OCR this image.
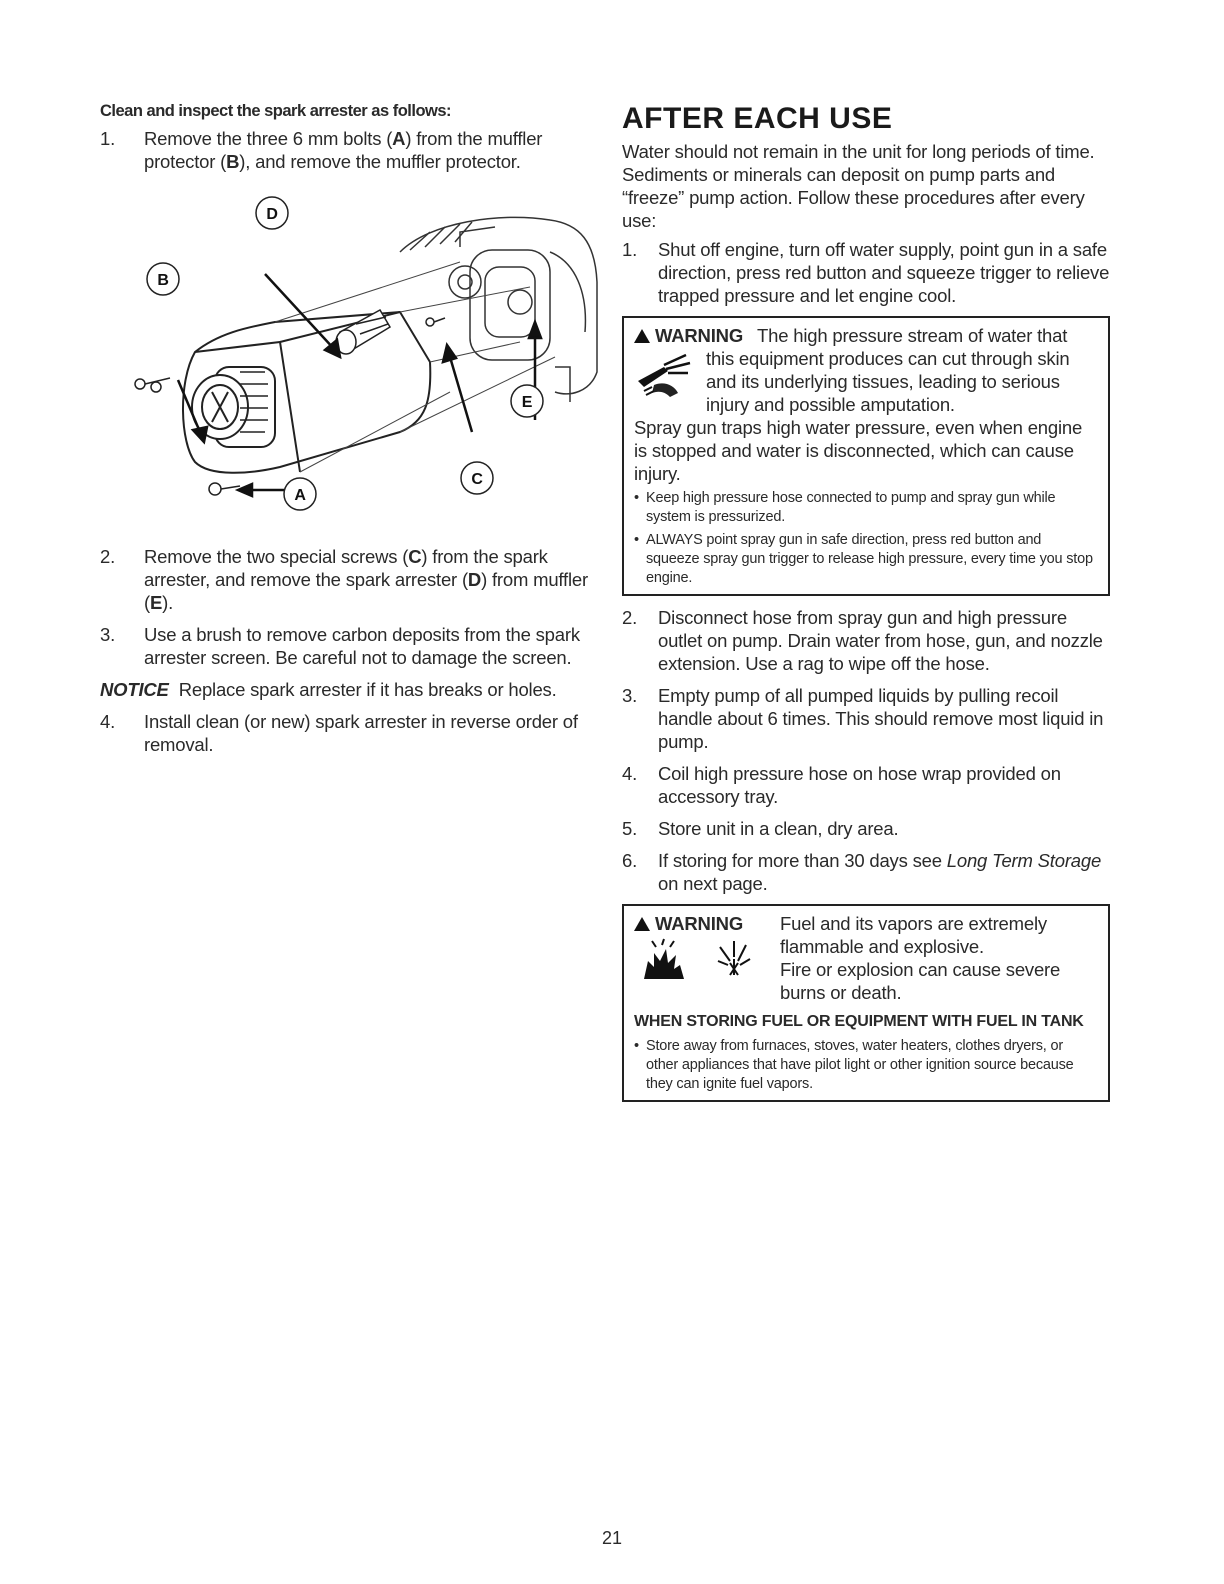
Clean and inspect the spark arrester as follows:
1.	Remove the three 6 mm bolts (A) from the muffler protector (B), and remove the muffler protector.
D
B
E
C
A
2.	Remove the two special screws (C) from the spark arrester, and remove the spark arrester (D) from muffler (E).
3.	Use a brush to remove carbon deposits from the spark arrester screen. Be careful not to damage the screen.
NOTICE Replace spark arrester if it has breaks or holes.
4.	Install clean (or new) spark arrester in reverse order of removal.
AFTER EACH USE
Water should not remain in the unit for long periods of time. Sediments or minerals can deposit on pump parts and “freeze” pump action. Follow these procedures after every use:
1.	Shut off engine, turn off water supply, point gun in a safe direction, press red button and squeeze trigger to relieve trapped pressure and let engine cool.
WARNING The high pressure stream of water that
this equipment produces can cut through skin and its underlying tissues, leading to serious injury and possible amputation.
Spray gun traps high water pressure, even when engine is stopped and water is disconnected, which can cause injury.
• Keep high pressure hose connected to pump and spray gun while system is pressurized.
• ALWAYS point spray gun in safe direction, press red button and squeeze spray gun trigger to release high pressure, every time you stop engine.
2.	Disconnect hose from spray gun and high pressure outlet on pump. Drain water from hose, gun, and nozzle extension. Use a rag to wipe off the hose.
3.	Empty pump of all pumped liquids by pulling recoil handle about 6 times. This should remove most liquid in pump.
4.	Coil high pressure hose on hose wrap provided on accessory tray.
5.	Store unit in a clean, dry area.
6.	If storing for more than 30 days see Long Term Storage on next page.
WARNING	Fuel and its vapors are extremely flammable and explosive.
Fire or explosion can cause severe burns or death.
WHEN STORING FUEL OR EQUIPMENT WITH FUEL IN TANK
• Store away from furnaces, stoves, water heaters, clothes dryers, or other appliances that have pilot light or other ignition source because they can ignite fuel vapors.
21
